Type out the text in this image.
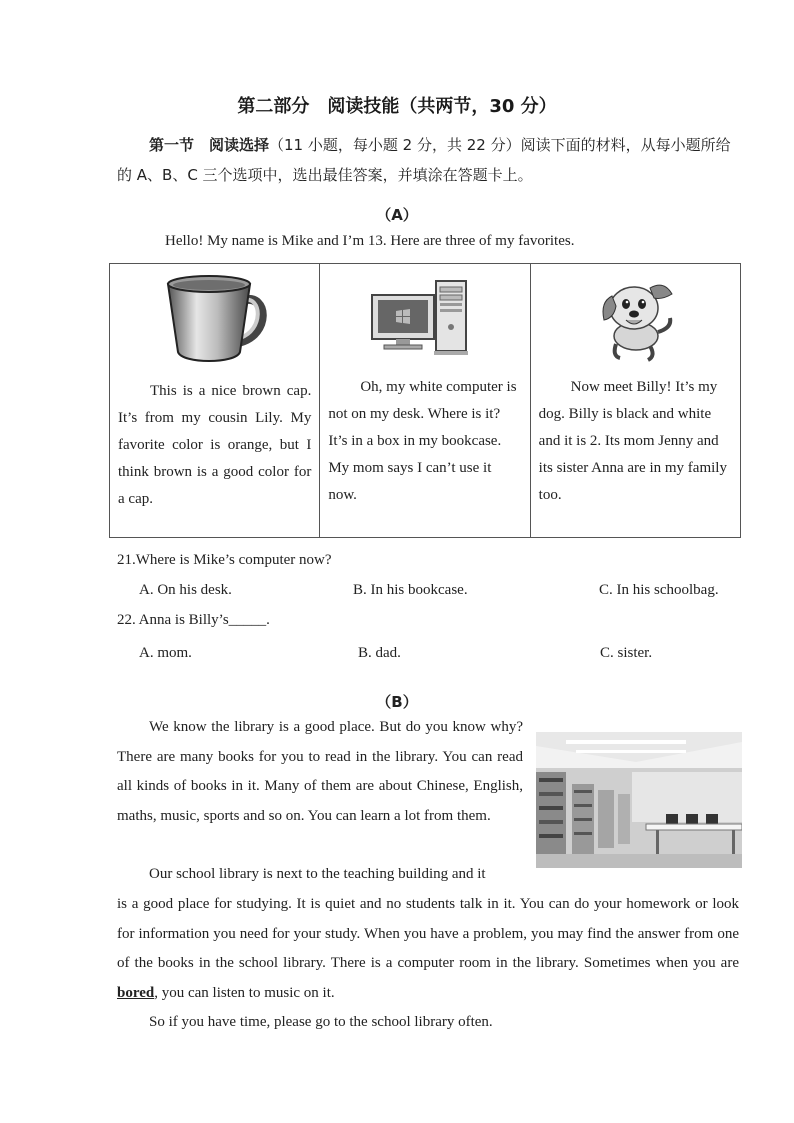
第二部分　阅读技能（共两节，30 分）
第一节　阅读选择（11 小题，每小题 2 分，共 22 分）阅读下面的材料，从每小题所给的 A、B、C 三个选项中，选出最佳答案，并填涂在答题卡上。
（A）
Hello! My name is Mike and I’m 13. Here are three of my favorites.
This is a nice brown cap. It’s from my cousin Lily. My favorite color is orange, but I think brown is a good color for a cap.

Oh, my white computer is not on my desk. Where is it? It’s in a box in my bookcase. My mom says I can’t use it now.

Now meet Billy! It’s my dog. Billy is black and white and it is 2. Its mom Jenny and its sister Anna are in my family too.
21.Where is Mike’s computer now?
A. On his desk.	B. In his bookcase.	C. In his schoolbag.
22. Anna is Billy’s_____.
A. mom.	B. dad.	C. sister.
（B）
We know the library is a good place. But do you know why? There are many books for you to read in the library. You can read all kinds of books in it. Many of them are about Chinese, English, maths, music, sports and so on. You can learn a lot from them.
Our school library is next to the teaching building and it
is a good place for studying. It is quiet and no students talk in it. You can do your homework or look for information you need for your study. When you have a problem, you may find the answer from one of the books in the school library. There is a computer room in the library. Sometimes when you are bored, you can listen to music on it.
So if you have time, please go to the school library often.
